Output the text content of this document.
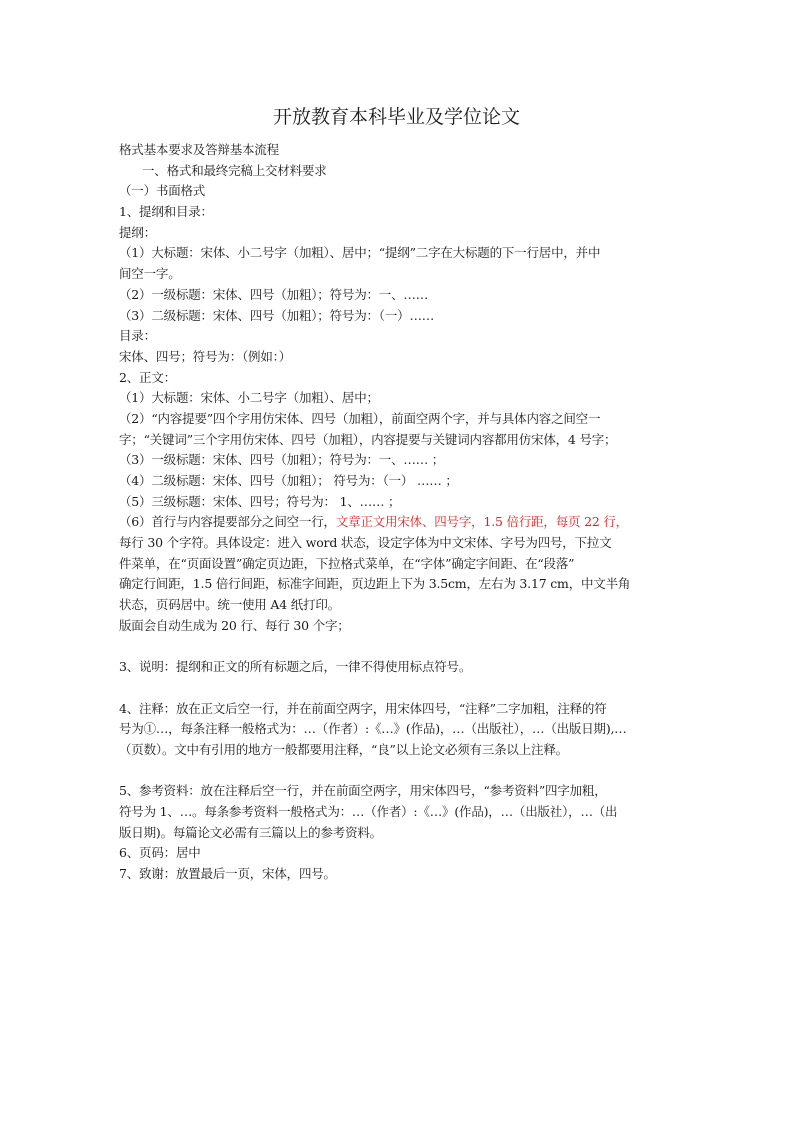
开放教育本科毕业及学位论文
格式基本要求及答辩基本流程
一、格式和最终完稿上交材料要求
（一）书面格式
1、提纲和目录：
提纲：
（1）大标题：宋体、小二号字（加粗）、居中；“提纲”二字在大标题的下一行居中，并中
间空一字。
（2）一级标题：宋体、四号（加粗）；符号为：一、……
（3）二级标题：宋体、四号（加粗）；符号为：（一）……
目录：
宋体、四号；符号为：（例如：）
2、正文：
（1）大标题：宋体、小二号字（加粗）、居中；
（2）“内容提要”四个字用仿宋体、四号（加粗），前面空两个字，并与具体内容之间空一
字；“关键词”三个字用仿宋体、四号（加粗），内容提要与关键词内容都用仿宋体，4 号字；
（3）一级标题：宋体、四号（加粗）；符号为：一、…… ；
（4）二级标题：宋体、四号（加粗）； 符号为：（一） …… ；
（5）三级标题：宋体、四号；符号为： 1、…… ；
（6）首行与内容提要部分之间空一行，文章正文用宋体、四号字，1.5 倍行距，每页 22 行，
每行 30 个字符。具体设定：进入 word 状态，设定字体为中文宋体、字号为四号，下拉文
件菜单，在“页面设置”确定页边距，下拉格式菜单，在“字体”确定字间距、在“段落”
确定行间距，1.5 倍行间距，标准字间距，页边距上下为 3.5cm，左右为 3.17 cm，中文半角
状态，页码居中。统一使用 A4 纸打印。
版面会自动生成为 20 行、每行 30 个字；
3、说明：提纲和正文的所有标题之后，一律不得使用标点符号。
4、注释：放在正文后空一行，并在前面空两字，用宋体四号，“注释”二字加粗，注释的符
号为①…，每条注释一般格式为：…（作者）:《…》(作品)，…（出版社），…（出版日期),…
（页数）。文中有引用的地方一般都要用注释，“良”以上论文必须有三条以上注释。
5、参考资料：放在注释后空一行，并在前面空两字，用宋体四号，“参考资料”四字加粗，
符号为 1、…。每条参考资料一般格式为：…（作者）:《…》(作品)，…（出版社），…（出
版日期)。每篇论文必需有三篇以上的参考资料。
6、页码：居中
7、致谢：放置最后一页，宋体，四号。
